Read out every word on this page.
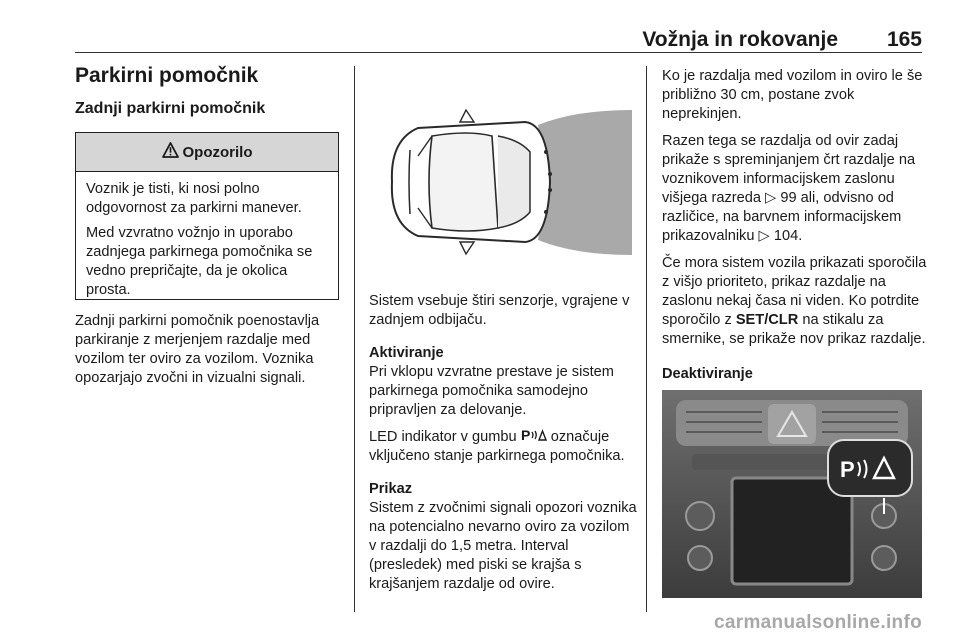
Vožnja in rokovanje 165
Parkirni pomočnik
Zadnji parkirni pomočnik
Opozorilo

Voznik je tisti, ki nosi polno odgovornost za parkirni manever.

Med vzvratno vožnjo in uporabo zadnjega parkirnega pomočnika se vedno prepričajte, da je okolica prosta.

Zadnji parkirni pomočnik poenostavlja parkiranje z merjenjem razdalje med vozilom ter oviro za vozilom. Voznika opozarjajo zvočni in vizualni signali.

Sistem vsebuje štiri senzorje, vgrajene v zadnjem odbijaču.

Aktiviranje

Pri vklopu vzvratne prestave je sistem parkirnega pomočnika samodejno pripravljen za delovanje.

LED indikator v gumbu P označuje vključeno stanje parkirnega pomočnika.

Prikaz

Sistem z zvočnimi signali opozori voznika na potencialno nevarno oviro za vozilom v razdalji do 1,5 metra. Interval (presledek) med piski se krajša s krajšanjem razdalje od ovire.

Ko je razdalja med vozilom in oviro le še približno 30 cm, postane zvok neprekinjen.

Razen tega se razdalja od ovir zadaj prikaže s spreminjanjem črt razdalje na voznikovem informacijskem zaslonu višjega razreda ▷ 99 ali, odvisno od različice, na barvnem informacijskem prikazovalniku ▷ 104.

Če mora sistem vozila prikazati sporočila z višjo prioriteto, prikaz razdalje na zaslonu nekaj časa ni viden. Ko potrdite sporočilo z SET/CLR na stikalu za smernike, se prikaže nov prikaz razdalje.

Deaktiviranje

P
carmanualsonline.info
